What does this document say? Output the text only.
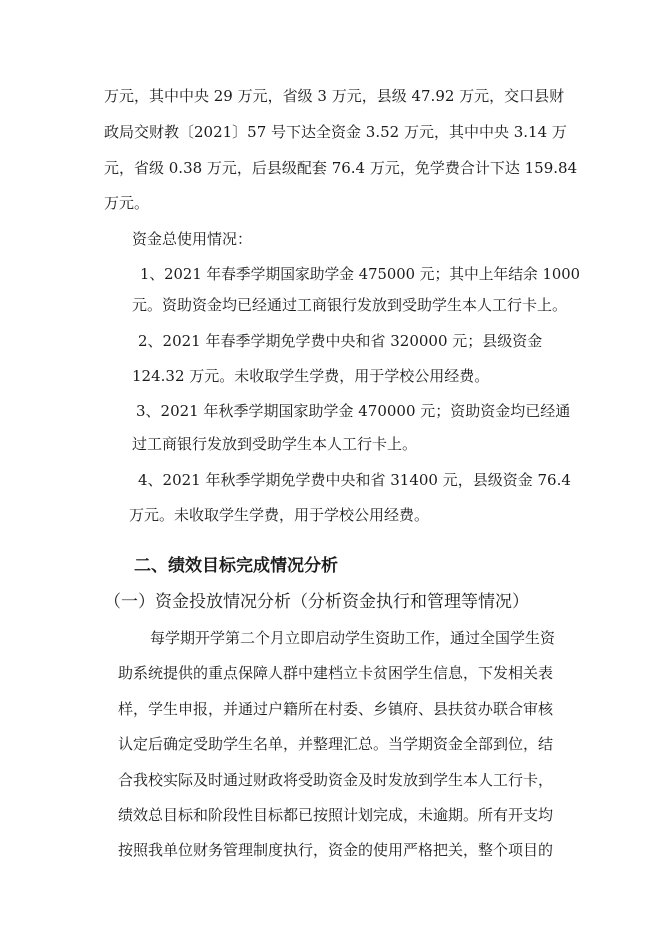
万元，其中中央 29 万元，省级 3 万元，县级 47.92 万元，交口县财
政局交财教〔2021〕57 号下达全资金 3.52 万元，其中中央 3.14 万
元，省级 0.38 万元，后县级配套 76.4 万元，免学费合计下达 159.84
万元。
资金总使用情况：
1、2021 年春季学期国家助学金 475000 元；其中上年结余 1000
元。资助资金均已经通过工商银行发放到受助学生本人工行卡上。
2、2021 年春季学期免学费中央和省 320000 元；县级资金
124.32 万元。未收取学生学费，用于学校公用经费。
3、2021 年秋季学期国家助学金 470000 元；资助资金均已经通
过工商银行发放到受助学生本人工行卡上。
4、2021 年秋季学期免学费中央和省 31400 元，县级资金 76.4
万元。未收取学生学费，用于学校公用经费。
二、绩效目标完成情况分析
（一）资金投放情况分析（分析资金执行和管理等情况）
每学期开学第二个月立即启动学生资助工作，通过全国学生资
助系统提供的重点保障人群中建档立卡贫困学生信息，下发相关表
样，学生申报，并通过户籍所在村委、乡镇府、县扶贫办联合审核
认定后确定受助学生名单，并整理汇总。当学期资金全部到位，结
合我校实际及时通过财政将受助资金及时发放到学生本人工行卡，
绩效总目标和阶段性目标都已按照计划完成，未逾期。所有开支均
按照我单位财务管理制度执行，资金的使用严格把关，整个项目的
